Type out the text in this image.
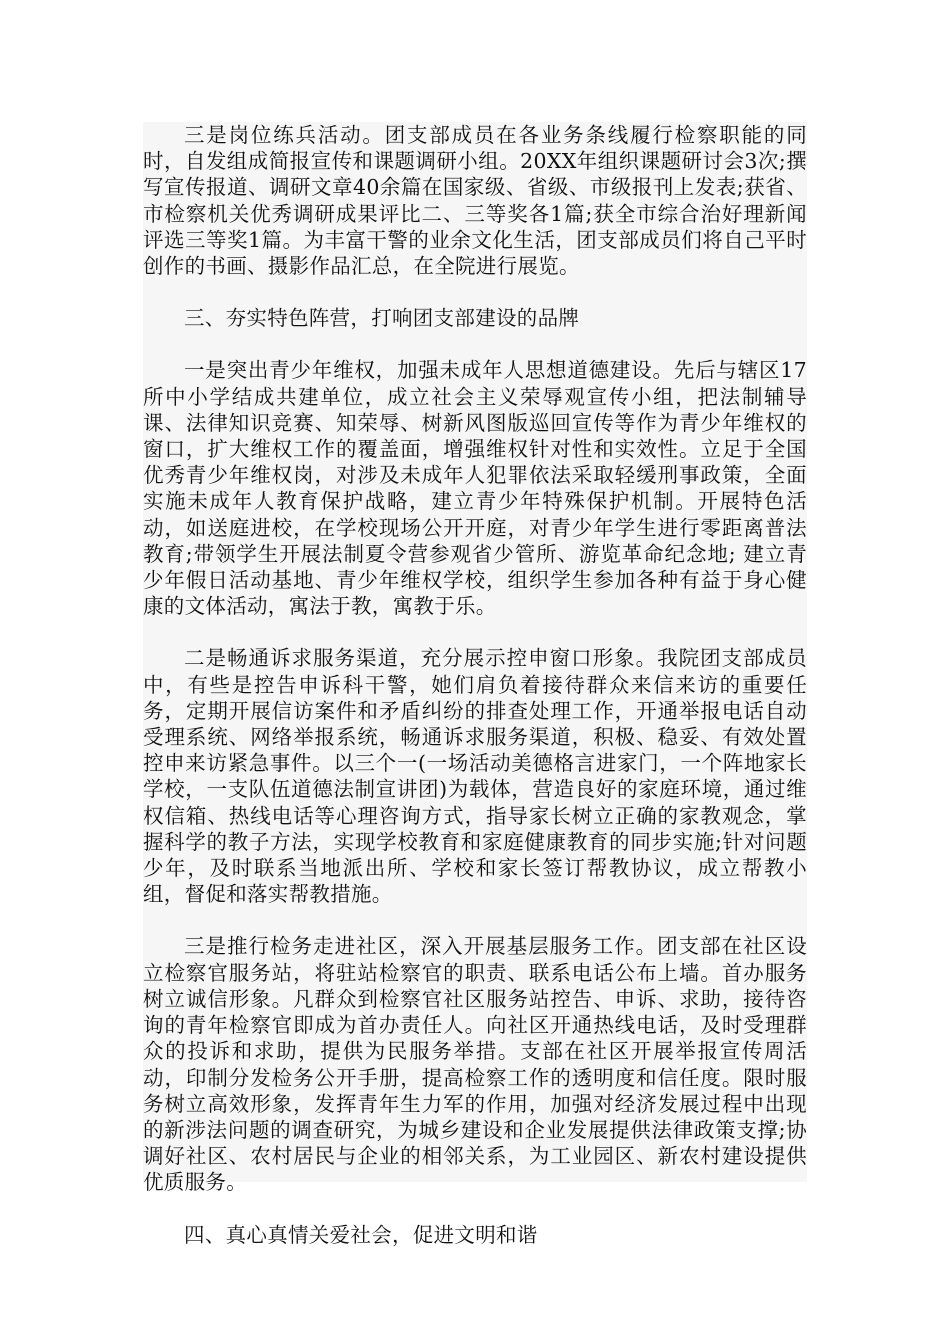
三是岗位练兵活动。团支部成员在各业务条线履行检察职能的同时，自发组成简报宣传和课题调研小组。20XX年组织课题研讨会3次;撰写宣传报道、调研文章40余篇在国家级、省级、市级报刊上发表;获省、市检察机关优秀调研成果评比二、三等奖各1篇;获全市综合治好理新闻评选三等奖1篇。为丰富干警的业余文化生活，团支部成员们将自己平时创作的书画、摄影作品汇总，在全院进行展览。

三、夯实特色阵营，打响团支部建设的品牌

一是突出青少年维权，加强未成年人思想道德建设。先后与辖区17所中小学结成共建单位，成立社会主义荣辱观宣传小组，把法制辅导课、法律知识竞赛、知荣辱、树新风图版巡回宣传等作为青少年维权的窗口，扩大维权工作的覆盖面，增强维权针对性和实效性。立足于全国优秀青少年维权岗，对涉及未成年人犯罪依法采取轻缓刑事政策，全面实施未成年人教育保护战略，建立青少年特殊保护机制。开展特色活动，如送庭进校，在学校现场公开开庭，对青少年学生进行零距离普法教育;带领学生开展法制夏令营参观省少管所、游览革命纪念地; 建立青少年假日活动基地、青少年维权学校，组织学生参加各种有益于身心健康的文体活动，寓法于教，寓教于乐。

二是畅通诉求服务渠道，充分展示控申窗口形象。我院团支部成员中，有些是控告申诉科干警，她们肩负着接待群众来信来访的重要任务，定期开展信访案件和矛盾纠纷的排查处理工作，开通举报电话自动受理系统、网络举报系统，畅通诉求服务渠道，积极、稳妥、有效处置控申来访紧急事件。以三个一(一场活动美德格言进家门，一个阵地家长学校，一支队伍道德法制宣讲团)为载体，营造良好的家庭环境，通过维权信箱、热线电话等心理咨询方式，指导家长树立正确的家教观念，掌握科学的教子方法，实现学校教育和家庭健康教育的同步实施;针对问题少年，及时联系当地派出所、学校和家长签订帮教协议，成立帮教小组，督促和落实帮教措施。

三是推行检务走进社区，深入开展基层服务工作。团支部在社区设立检察官服务站，将驻站检察官的职责、联系电话公布上墙。首办服务树立诚信形象。凡群众到检察官社区服务站控告、申诉、求助，接待咨询的青年检察官即成为首办责任人。向社区开通热线电话，及时受理群众的投诉和求助，提供为民服务举措。支部在社区开展举报宣传周活动，印制分发检务公开手册，提高检察工作的透明度和信任度。限时服务树立高效形象，发挥青年生力军的作用，加强对经济发展过程中出现的新涉法问题的调查研究，为城乡建设和企业发展提供法律政策支撑;协调好社区、农村居民与企业的相邻关系，为工业园区、新农村建设提供优质服务。

四、真心真情关爱社会，促进文明和谐
